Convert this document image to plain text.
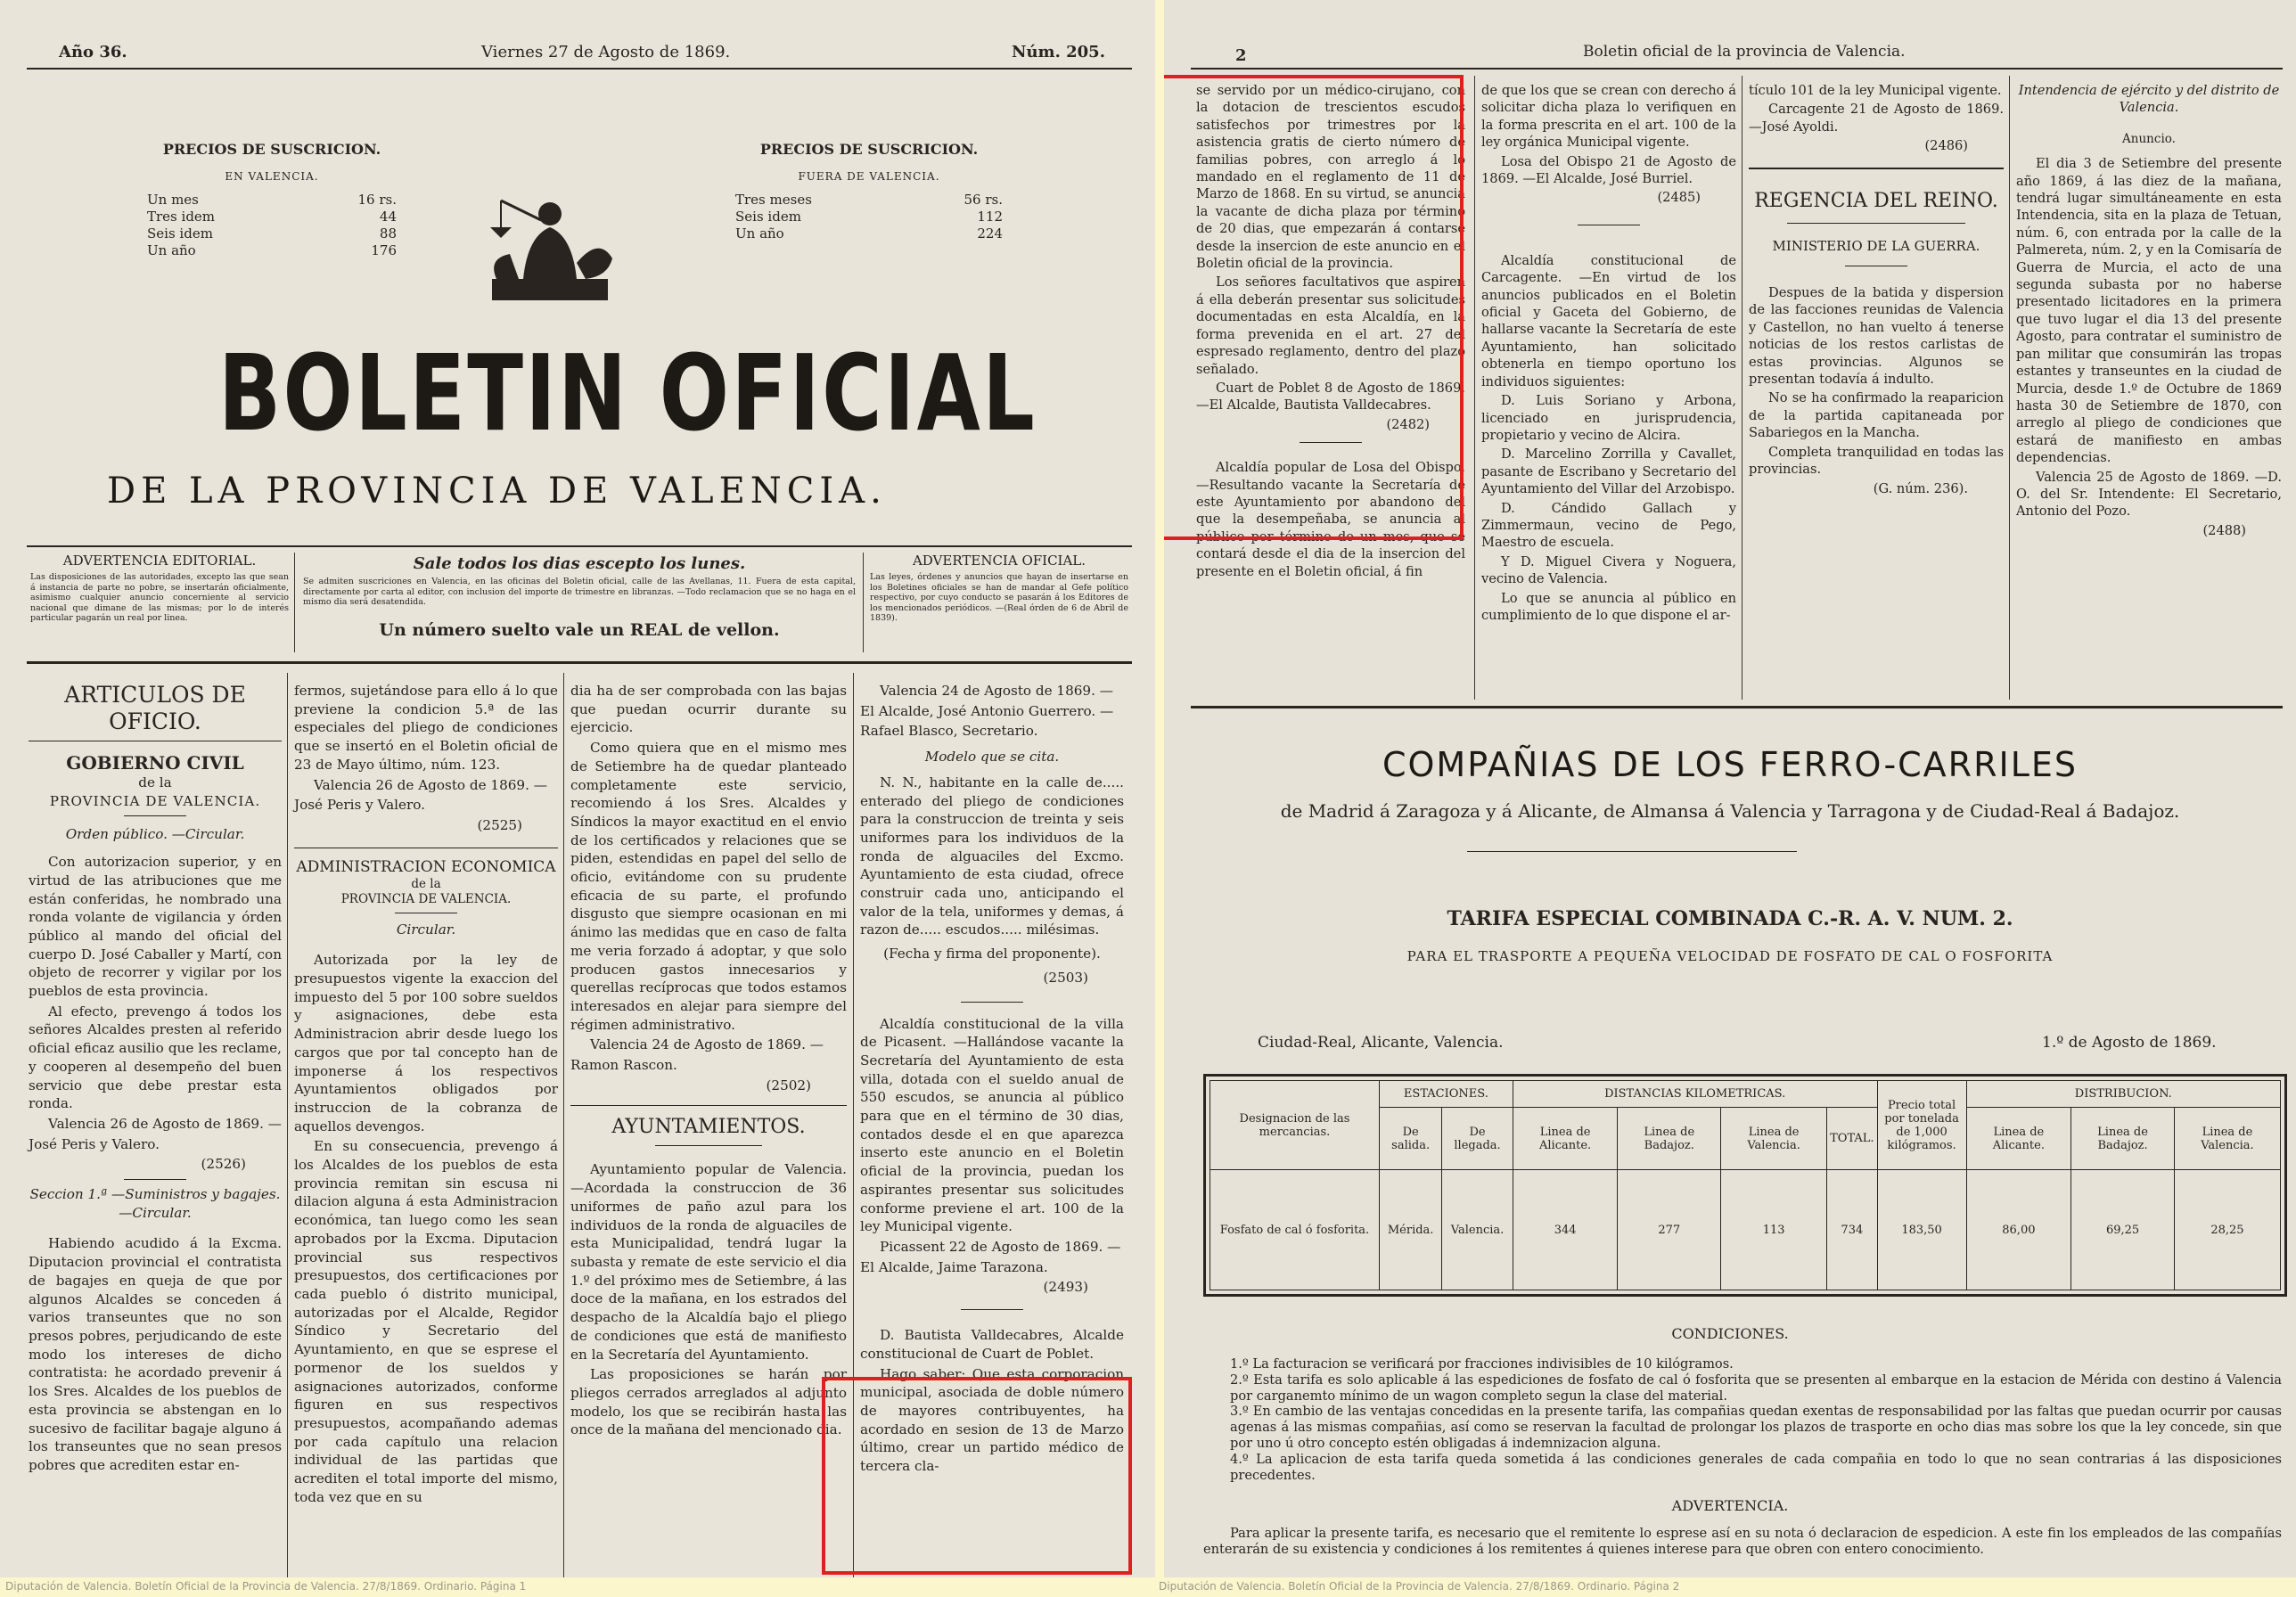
Año 36.	Viernes 27 de Agosto de 1869.	Núm. 205.
PRECIOS DE SUSCRICION.
EN VALENCIA.
Un mes	16 rs.
Tres idem	44
Seis idem	88
Un año	176
PRECIOS DE SUSCRICION.
FUERA DE VALENCIA.
Tres meses	56 rs.
Seis idem	112
Un año	224
BOLETIN OFICIAL
DE LA PROVINCIA DE VALENCIA.
ADVERTENCIA EDITORIAL.
Las disposiciones de las autoridades, excepto las que sean á instancia de parte no pobre, se insertarán oficialmente, asimismo cualquier anuncio concerniente al servicio nacional que dimane de las mismas; por lo de interés particular pagarán un real por linea.
Sale todos los dias escepto los lunes.
Se admiten suscriciones en Valencia, en las oficinas del Boletin oficial, calle de las Avellanas, 11. Fuera de esta capital, directamente por carta al editor, con inclusion del importe de trimestre en libranzas. —Todo reclamacion que se no haga en el mismo dia será desatendida.
Un número suelto vale un REAL de vellon.
ADVERTENCIA OFICIAL.
Las leyes, órdenes y anuncios que hayan de insertarse en los Boletines oficiales se han de mandar al Gefe político respectivo, por cuyo conducto se pasarán á los Editores de los mencionados periódicos. —(Real órden de 6 de Abril de 1839).
ARTICULOS DE OFICIO.
GOBIERNO CIVIL
de la
PROVINCIA DE VALENCIA.
Orden público. —Circular.

Con autorizacion superior, y en virtud de las atribuciones que me están conferidas, he nombrado una ronda volante de vigilancia y órden público al mando del oficial del cuerpo D. José Caballer y Martí, con objeto de recorrer y vigilar por los pueblos de esta provincia.

Al efecto, prevengo á todos los señores Alcaldes presten al referido oficial eficaz ausilio que les reclame, y cooperen al desempeño del buen servicio que debe prestar esta ronda.

Valencia 26 de Agosto de 1869. —

José Peris y Valero.

(2526)
Seccion 1.ª —Suministros y bagajes. —Circular.

Habiendo acudido á la Excma. Diputacion provincial el contratista de bagajes en queja de que por algunos Alcaldes se conceden á varios transeuntes que no son presos pobres, perjudicando de este modo los intereses de dicho contratista: he acordado prevenir á los Sres. Alcaldes de los pueblos de esta provincia se abstengan en lo sucesivo de facilitar bagaje alguno á los transeuntes que no sean presos pobres que acrediten estar en-

fermos, sujetándose para ello á lo que previene la condicion 5.ª de las especiales del pliego de condiciones que se insertó en el Boletin oficial de 23 de Mayo último, núm. 123.

Valencia 26 de Agosto de 1869. —

José Peris y Valero.

(2525)
ADMINISTRACION ECONOMICA
de la
PROVINCIA DE VALENCIA.
Circular.

Autorizada por la ley de presupuestos vigente la exaccion del impuesto del 5 por 100 sobre sueldos y asignaciones, debe esta Administracion abrir desde luego los cargos que por tal concepto han de imponerse á los respectivos Ayuntamientos obligados por instruccion de la cobranza de aquellos devengos.

En su consecuencia, prevengo á los Alcaldes de los pueblos de esta provincia remitan sin escusa ni dilacion alguna á esta Administracion económica, tan luego como les sean aprobados por la Excma. Diputacion provincial sus respectivos presupuestos, dos certificaciones por cada pueblo ó distrito municipal, autorizadas por el Alcalde, Regidor Síndico y Secretario del Ayuntamiento, en que se esprese el pormenor de los sueldos y asignaciones autorizados, conforme figuren en sus respectivos presupuestos, acompañando ademas por cada capítulo una relacion individual de las partidas que acrediten el total importe del mismo, toda vez que en su

dia ha de ser comprobada con las bajas que puedan ocurrir durante su ejercicio.

Como quiera que en el mismo mes de Setiembre ha de quedar planteado completamente este servicio, recomiendo á los Sres. Alcaldes y Síndicos la mayor exactitud en el envio de los certificados y relaciones que se piden, estendidas en papel del sello de oficio, evitándome con su prudente eficacia de su parte, el profundo disgusto que siempre ocasionan en mi ánimo las medidas que en caso de falta me veria forzado á adoptar, y que solo producen gastos innecesarios y querellas recíprocas que todos estamos interesados en alejar para siempre del régimen administrativo.

Valencia 24 de Agosto de 1869. —

Ramon Rascon.

(2502)
AYUNTAMIENTOS.

Ayuntamiento popular de Valencia. —Acordada la construccion de 36 uniformes de paño azul para los individuos de la ronda de alguaciles de esta Municipalidad, tendrá lugar la subasta y remate de este servicio el dia 1.º del próximo mes de Setiembre, á las doce de la mañana, en los estrados del despacho de la Alcaldía bajo el pliego de condiciones que está de manifiesto en la Secretaría del Ayuntamiento.

Las proposiciones se harán por pliegos cerrados arreglados al adjunto modelo, los que se recibirán hasta las once de la mañana del mencionado dia.

Valencia 24 de Agosto de 1869. —

El Alcalde, José Antonio Guerrero. —

Rafael Blasco, Secretario.

Modelo que se cita.

N. N., habitante en la calle de..... enterado del pliego de condiciones para la construccion de treinta y seis uniformes para los individuos de la ronda de alguaciles del Excmo. Ayuntamiento de esta ciudad, ofrece construir cada uno, anticipando el valor de la tela, uniformes y demas, á razon de..... escudos..... milésimas.

(Fecha y firma del proponente).
(2503)

Alcaldía constitucional de la villa de Picasent. —Hallándose vacante la Secretaría del Ayuntamiento de esta villa, dotada con el sueldo anual de 550 escudos, se anuncia al público para que en el término de 30 dias, contados desde el en que aparezca inserto este anuncio en el Boletin oficial de la provincia, puedan los aspirantes presentar sus solicitudes conforme previene el art. 100 de la ley Municipal vigente.

Picassent 22 de Agosto de 1869. —

El Alcalde, Jaime Tarazona.

(2493)

D. Bautista Valldecabres, Alcalde constitucional de Cuart de Poblet.

Hago saber: Que esta corporacion municipal, asociada de doble número de mayores contribuyentes, ha acordado en sesion de 13 de Marzo último, crear un partido médico de tercera cla-

2	Boletin oficial de la provincia de Valencia.

se servido por un médico-cirujano, con la dotacion de trescientos escudos satisfechos por trimestres por la asistencia gratis de cierto número de familias pobres, con arreglo á lo mandado en el reglamento de 11 de Marzo de 1868. En su virtud, se anuncia la vacante de dicha plaza por término de 20 dias, que empezarán á contarse desde la insercion de este anuncio en el Boletin oficial de la provincia.

Los señores facultativos que aspiren á ella deberán presentar sus solicitudes documentadas en esta Alcaldía, en la forma prevenida en el art. 27 del espresado reglamento, dentro del plazo señalado.

Cuart de Poblet 8 de Agosto de 1869. —El Alcalde, Bautista Valldecabres.

(2482)

Alcaldía popular de Losa del Obispo. —Resultando vacante la Secretaría de este Ayuntamiento por abandono del que la desempeñaba, se anuncia al público por término de un mes, que se contará desde el dia de la insercion del presente en el Boletin oficial, á fin

de que los que se crean con derecho á solicitar dicha plaza lo verifiquen en la forma prescrita en el art. 100 de la ley orgánica Municipal vigente.

Losa del Obispo 21 de Agosto de 1869. —El Alcalde, José Burriel.

(2485)

Alcaldía constitucional de Carcagente. —En virtud de los anuncios publicados en el Boletin oficial y Gaceta del Gobierno, de hallarse vacante la Secretaría de este Ayuntamiento, han solicitado obtenerla en tiempo oportuno los individuos siguientes:

D. Luis Soriano y Arbona, licenciado en jurisprudencia, propietario y vecino de Alcira.

D. Marcelino Zorrilla y Cavallet, pasante de Escribano y Secretario del Ayuntamiento del Villar del Arzobispo.

D. Cándido Gallach y Zimmermaun, vecino de Pego, Maestro de escuela.

Y D. Miguel Civera y Noguera, vecino de Valencia.

Lo que se anuncia al público en cumplimiento de lo que dispone el ar-

tículo 101 de la ley Municipal vigente.

Carcagente 21 de Agosto de 1869. —José Ayoldi.

(2486)
REGENCIA DEL REINO.
MINISTERIO DE LA GUERRA.

Despues de la batida y dispersion de las facciones reunidas de Valencia y Castellon, no han vuelto á tenerse noticias de los restos carlistas de estas provincias. Algunos se presentan todavía á indulto.

No se ha confirmado la reaparicion de la partida capitaneada por Sabariegos en la Mancha.

Completa tranquilidad en todas las provincias.

(G. núm. 236).
Intendencia de ejército y del distrito de Valencia.
Anuncio.

El dia 3 de Setiembre del presente año 1869, á las diez de la mañana, tendrá lugar simultáneamente en esta Intendencia, sita en la plaza de Tetuan, núm. 6, con entrada por la calle de la Palmereta, núm. 2, y en la Comisaría de Guerra de Murcia, el acto de una segunda subasta por no haberse presentado licitadores en la primera que tuvo lugar el dia 13 del presente Agosto, para contratar el suministro de pan militar que consumirán las tropas estantes y transeuntes en la ciudad de Murcia, desde 1.º de Octubre de 1869 hasta 30 de Setiembre de 1870, con arreglo al pliego de condiciones que estará de manifiesto en ambas dependencias.

Valencia 25 de Agosto de 1869. —D. O. del Sr. Intendente: El Secretario, Antonio del Pozo.

(2488)
COMPAÑIAS DE LOS FERRO-CARRILES
de Madrid á Zaragoza y á Alicante, de Almansa á Valencia y Tarragona y de Ciudad-Real á Badajoz.
TARIFA ESPECIAL COMBINADA C.-R. A. V. NUM. 2.
PARA EL TRASPORTE A PEQUEÑA VELOCIDAD DE FOSFATO DE CAL O FOSFORITA
Ciudad-Real, Alicante, Valencia.	1.º de Agosto de 1869.
Designacion de las mercancias.	ESTACIONES.		DISTANCIAS KILOMETRICAS.				Precio total por tonelada de 1,000 kilógramos.	DISTRIBUCION.		
	De salida.	De llegada.	Linea de Alicante.	Linea de Badajoz.	Linea de Valencia.	TOTAL.		Linea de Alicante.	Linea de Badajoz.	Linea de Valencia.
Fosfato de cal ó fosforita.	Mérida.	Valencia.	344	277	113	734	183,50	86,00	69,25	28,25
CONDICIONES.
1.º La facturacion se verificará por fracciones indivisibles de 10 kilógramos.
2.º Esta tarifa es solo aplicable á las espediciones de fosfato de cal ó fosforita que se presenten al embarque en la estacion de Mérida con destino á Valencia por carganemto mínimo de un wagon completo segun la clase del material.
3.º En cambio de las ventajas concedidas en la presente tarifa, las compañias quedan exentas de responsabilidad por las faltas que puedan ocurrir por causas agenas á las mismas compañias, así como se reservan la facultad de prolongar los plazos de trasporte en ocho dias mas sobre los que la ley concede, sin que por uno ú otro concepto estén obligadas á indemnizacion alguna.
4.º La aplicacion de esta tarifa queda sometida á las condiciones generales de cada compañia en todo lo que no sean contrarias á las disposiciones precedentes.
ADVERTENCIA.
Para aplicar la presente tarifa, es necesario que el remitente lo esprese así en su nota ó declaracion de espedicion. A este fin los empleados de las compañías enterarán de su existencia y condiciones á los remitentes á quienes interese para que obren con entero conocimiento.
Diputación de Valencia. Boletín Oficial de la Provincia de Valencia. 27/8/1869. Ordinario. Página 1	Diputación de Valencia. Boletín Oficial de la Provincia de Valencia. 27/8/1869. Ordinario. Página 2
